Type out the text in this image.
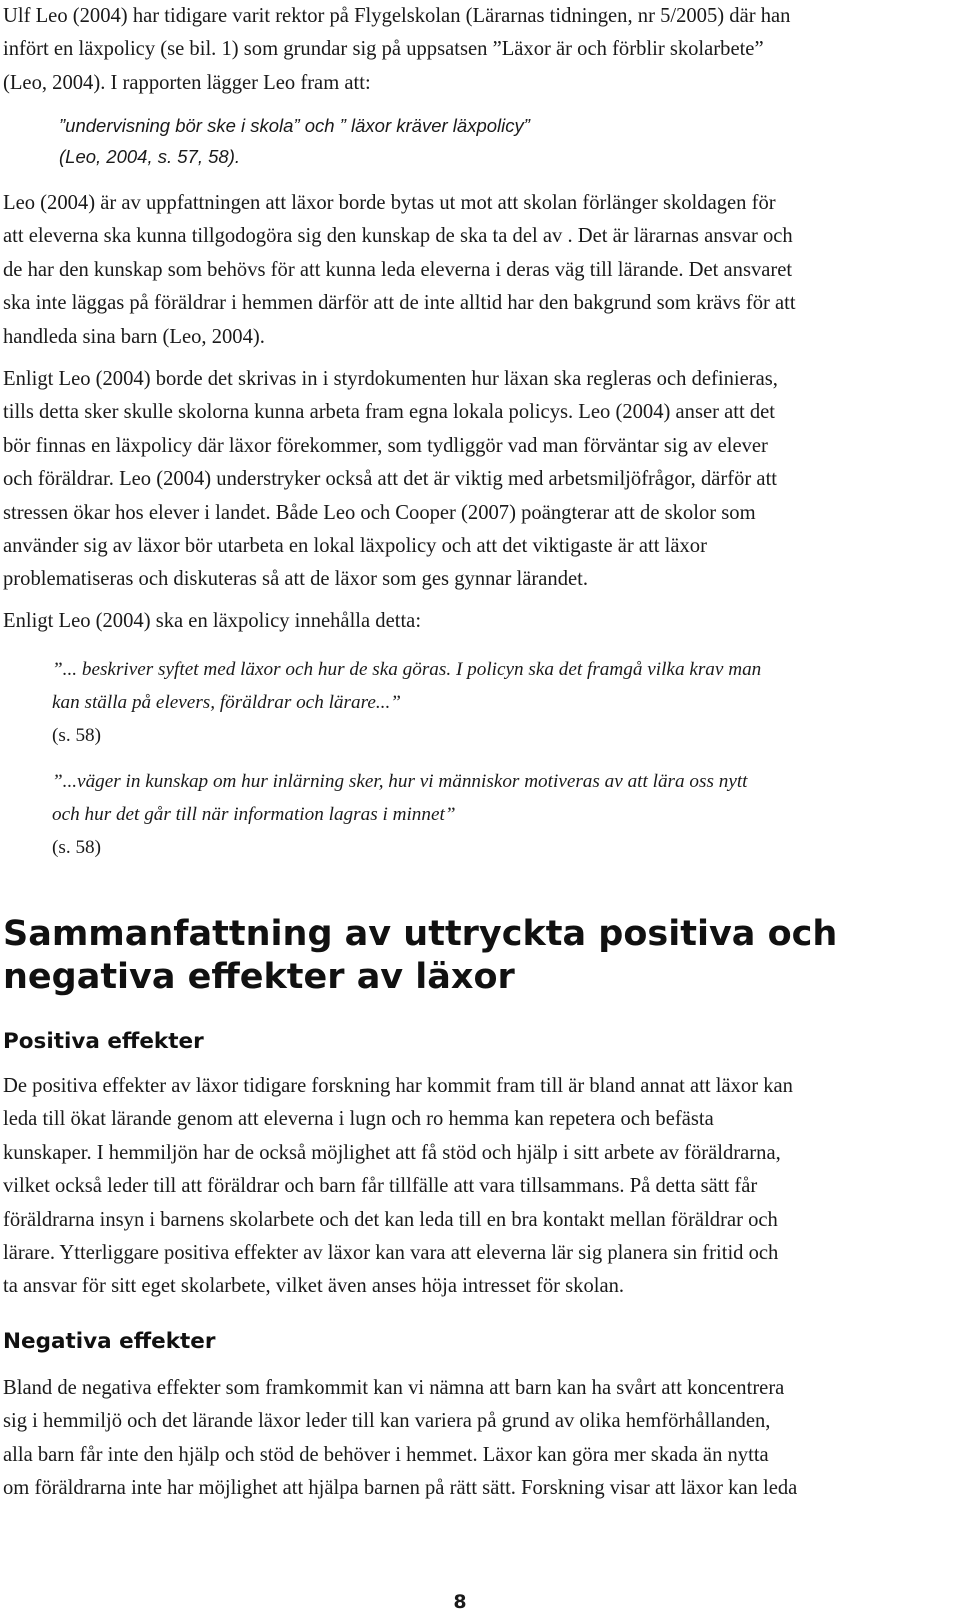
Ulf Leo (2004) har tidigare varit rektor på Flygelskolan (Lärarnas tidningen, nr 5/2005) där han
infört en läxpolicy (se bil. 1) som grundar sig på uppsatsen ”Läxor är och förblir skolarbete”
(Leo, 2004). I rapporten lägger Leo fram att:

”undervisning bör ske i skola” och ” läxor kräver läxpolicy”
(Leo, 2004, s. 57, 58).

Leo (2004) är av uppfattningen att läxor borde bytas ut mot att skolan förlänger skoldagen för
att eleverna ska kunna tillgodogöra sig den kunskap de ska ta del av . Det är lärarnas ansvar och
de har den kunskap som behövs för att kunna leda eleverna i deras väg till lärande. Det ansvaret
ska inte läggas på föräldrar i hemmen därför att de inte alltid har den bakgrund som krävs för att
handleda sina barn (Leo, 2004).

Enligt Leo (2004) borde det skrivas in i styrdokumenten hur läxan ska regleras och definieras,
tills detta sker skulle skolorna kunna arbeta fram egna lokala policys. Leo (2004) anser att det
bör finnas en läxpolicy där läxor förekommer, som tydliggör vad man förväntar sig av elever
och föräldrar. Leo (2004) understryker också att det är viktig med arbetsmiljöfrågor, därför att
stressen ökar hos elever i landet. Både Leo och Cooper (2007) poängterar att de skolor som
använder sig av läxor bör utarbeta en lokal läxpolicy och att det viktigaste är att läxor
problematiseras och diskuteras så att de läxor som ges gynnar lärandet.

Enligt Leo (2004) ska en läxpolicy innehålla detta:

”... beskriver syftet med läxor och hur de ska göras. I policyn ska det framgå vilka krav man
kan ställa på elevers, föräldrar och lärare...”
(s. 58)

”...väger in kunskap om hur inlärning sker, hur vi människor motiveras av att lära oss nytt
och hur det går till när information lagras i minnet”
(s. 58)

Sammanfattning av uttryckta positiva och
negativa effekter av läxor
Positiva effekter

De positiva effekter av läxor tidigare forskning har kommit fram till är bland annat att läxor kan
leda till ökat lärande genom att eleverna i lugn och ro hemma kan repetera och befästa
kunskaper. I hemmiljön har de också möjlighet att få stöd och hjälp i sitt arbete av föräldrarna,
vilket också leder till att föräldrar och barn får tillfälle att vara tillsammans. På detta sätt får
föräldrarna insyn i barnens skolarbete och det kan leda till en bra kontakt mellan föräldrar och
lärare. Ytterliggare positiva effekter av läxor kan vara att eleverna lär sig planera sin fritid och
ta ansvar för sitt eget skolarbete, vilket även anses höja intresset för skolan.

Negativa effekter

Bland de negativa effekter som framkommit kan vi nämna att barn kan ha svårt att koncentrera
sig i hemmiljö och det lärande läxor leder till kan variera på grund av olika hemförhållanden,
alla barn får inte den hjälp och stöd de behöver i hemmet. Läxor kan göra mer skada än nytta
om föräldrarna inte har möjlighet att hjälpa barnen på rätt sätt. Forskning visar att läxor kan leda

8
